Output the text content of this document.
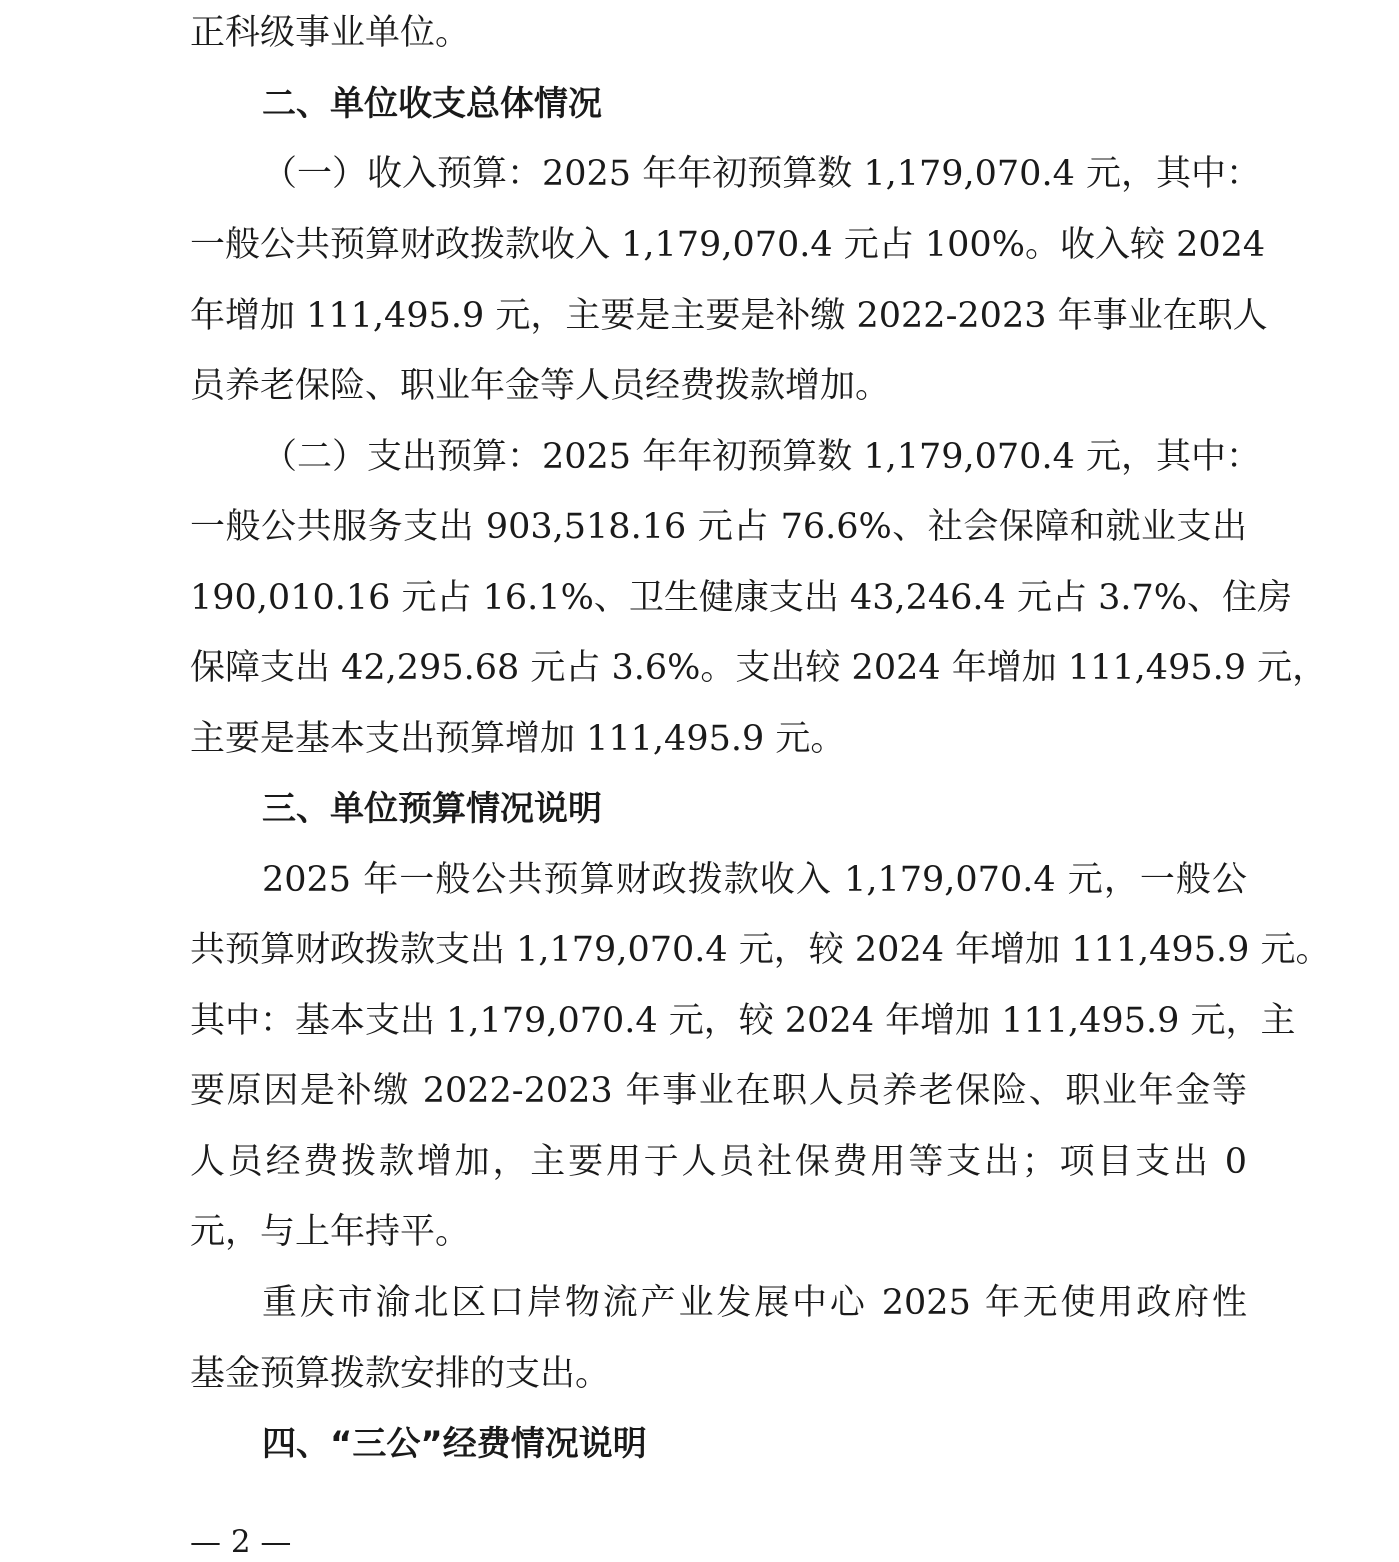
正科级事业单位。
二、单位收支总体情况
（一）收入预算：2025 年年初预算数 1,179,070.4 元，其中：
一般公共预算财政拨款收入 1,179,070.4 元占 100%。收入较 2024
年增加 111,495.9 元，主要是主要是补缴 2022-2023 年事业在职人
员养老保险、职业年金等人员经费拨款增加。
（二）支出预算：2025 年年初预算数 1,179,070.4 元，其中：
一般公共服务支出 903,518.16 元占 76.6%、社会保障和就业支出
190,010.16 元占 16.1%、卫生健康支出 43,246.4 元占 3.7%、住房
保障支出 42,295.68 元占 3.6%。支出较 2024 年增加 111,495.9 元，
主要是基本支出预算增加 111,495.9 元。
三、单位预算情况说明
2025 年一般公共预算财政拨款收入 1,179,070.4 元，一般公
共预算财政拨款支出 1,179,070.4 元，较 2024 年增加 111,495.9 元。
其中：基本支出 1,179,070.4 元，较 2024 年增加 111,495.9 元，主
要原因是补缴 2022-2023 年事业在职人员养老保险、职业年金等
人员经费拨款增加，主要用于人员社保费用等支出；项目支出 0
元，与上年持平。
重庆市渝北区口岸物流产业发展中心 2025 年无使用政府性
基金预算拨款安排的支出。
四、“三公”经费情况说明
— 2 —
